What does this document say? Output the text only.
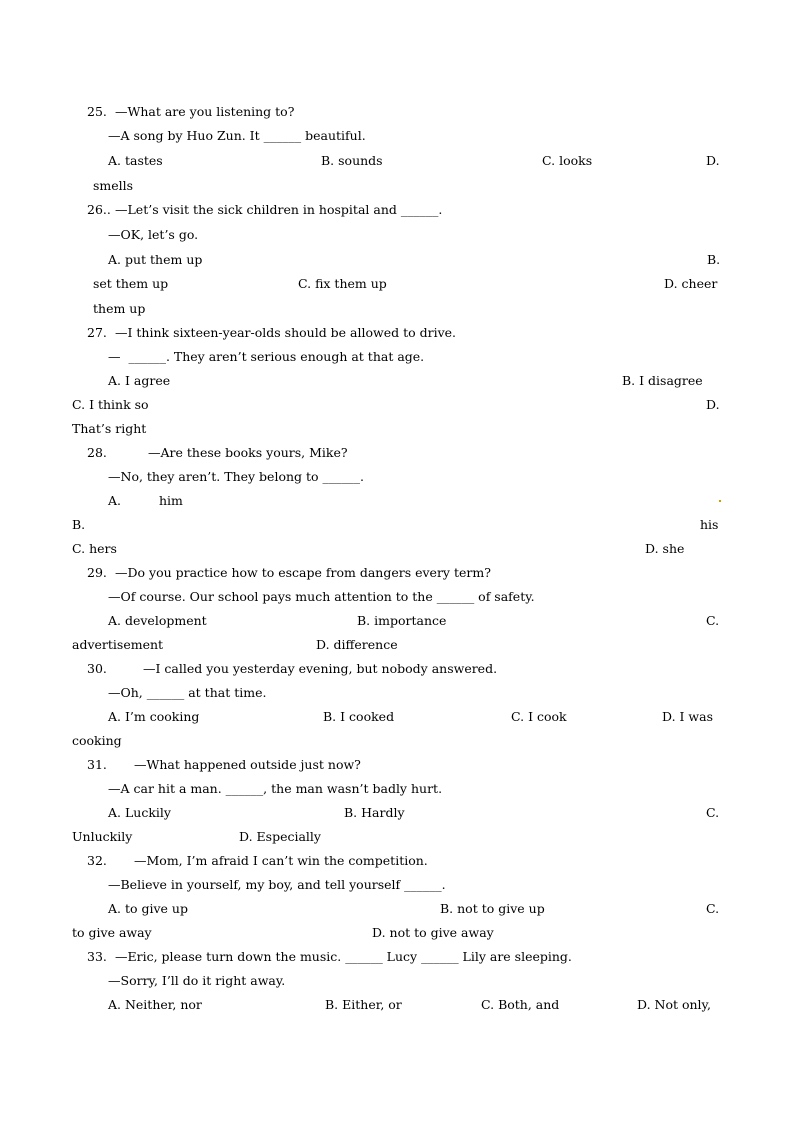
25. —What are you listening to?
—A song by Huo Zun. It ______ beautiful.
A. tastes	B. sounds	C. looks	D.
smells
26.. —Let’s visit the sick children in hospital and ______.
—OK, let’s go.
A. put them up	B.
set them up	C. fix them up	D. cheer
them up
27. —I think sixteen-year-olds should be allowed to drive.
—  ______. They aren’t serious enough at that age.
A. I agree	B. I disagree
C. I think so	D.
That’s right
28.	—Are these books yours, Mike?
—No, they aren’t. They belong to ______.
A.	him
B.	his
C. hers	D. she
29. —Do you practice how to escape from dangers every term?
—Of course. Our school pays much attention to the ______ of safety.
A. development	B. importance	C.
advertisement	D. difference
30.	—I called you yesterday evening, but nobody answered.
—Oh, ______ at that time.
A. I’m cooking	B. I cooked	C. I cook	D. I was
cooking
31. —What happened outside just now?
—A car hit a man. ______, the man wasn’t badly hurt.
A. Luckily	B. Hardly	C.
Unluckily	D. Especially
32. —Mom, I’m afraid I can’t win the competition.
—Believe in yourself, my boy, and tell yourself ______.
A. to give up	B. not to give up	C.
to give away	D. not to give away
33. —Eric, please turn down the music. ______ Lucy ______ Lily are sleeping.
—Sorry, I’ll do it right away.
A. Neither, nor	B. Either, or	C. Both, and	D. Not only,
